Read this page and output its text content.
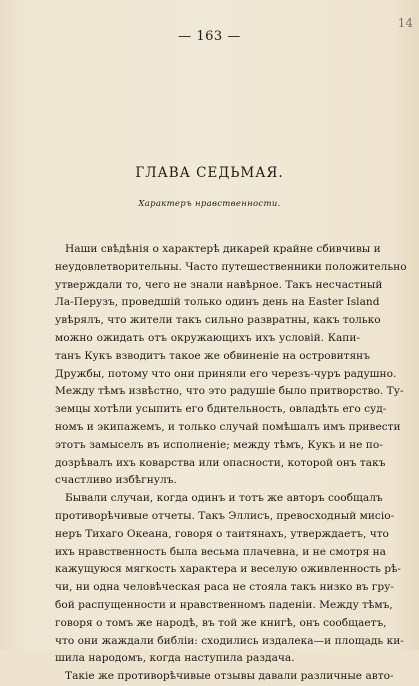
14
— 163 —
ГЛАВА СЕДЬМАЯ.
Характеръ нравственности.
Наши свѣдѣнія о характерѣ дикарей крайне сбивчивы и
неудовлетворительны. Часто путешественники положительно
утверждали то, чего не знали навѣрное. Такъ несчастный
Ла-Перузъ, проведшій только одинъ день на Easter Island
увѣрялъ, что жители такъ сильно развратны, какъ только
можно ожидать отъ окружающихъ ихъ условій. Капи-
танъ Кукъ взводитъ такое же обвиненіе на островитянъ
Дружбы, потому что они приняли его черезъ-чуръ радушно.
Между тѣмъ извѣстно, что это радушіе было притворство. Ту-
земцы хотѣли усыпить его бдительность, овладѣть его суд-
номъ и экипажемъ, и только случай помѣшалъ имъ привести
этотъ замыселъ въ исполненіе; между тѣмъ, Кукъ и не по-
дозрѣвалъ ихъ коварства или опасности, которой онъ такъ
счастливо избѣгнулъ.
Бывали случаи, когда одинъ и тотъ же авторъ сообщалъ
противорѣчивые отчеты. Такъ Эллисъ, превосходный мисіо-
неръ Тихаго Океана, говоря о таитянахъ, утверждаетъ, что
ихъ нравственность была весьма плачевна, и не смотря на
кажущуюся мягкость характера и веселую оживленность рѣ-
чи, ни одна человѣческая раса не стояла такъ низко въ гру-
бой распущенности и нравственномъ паденіи. Между тѣмъ,
говоря о томъ же народѣ, въ той же книгѣ, онъ сообщаетъ,
что они жаждали библіи: сходились издалека—и площадь ки-
шила народомъ, когда наступила раздача.
Такіе же противорѣчивые отзывы давали различные авто-
